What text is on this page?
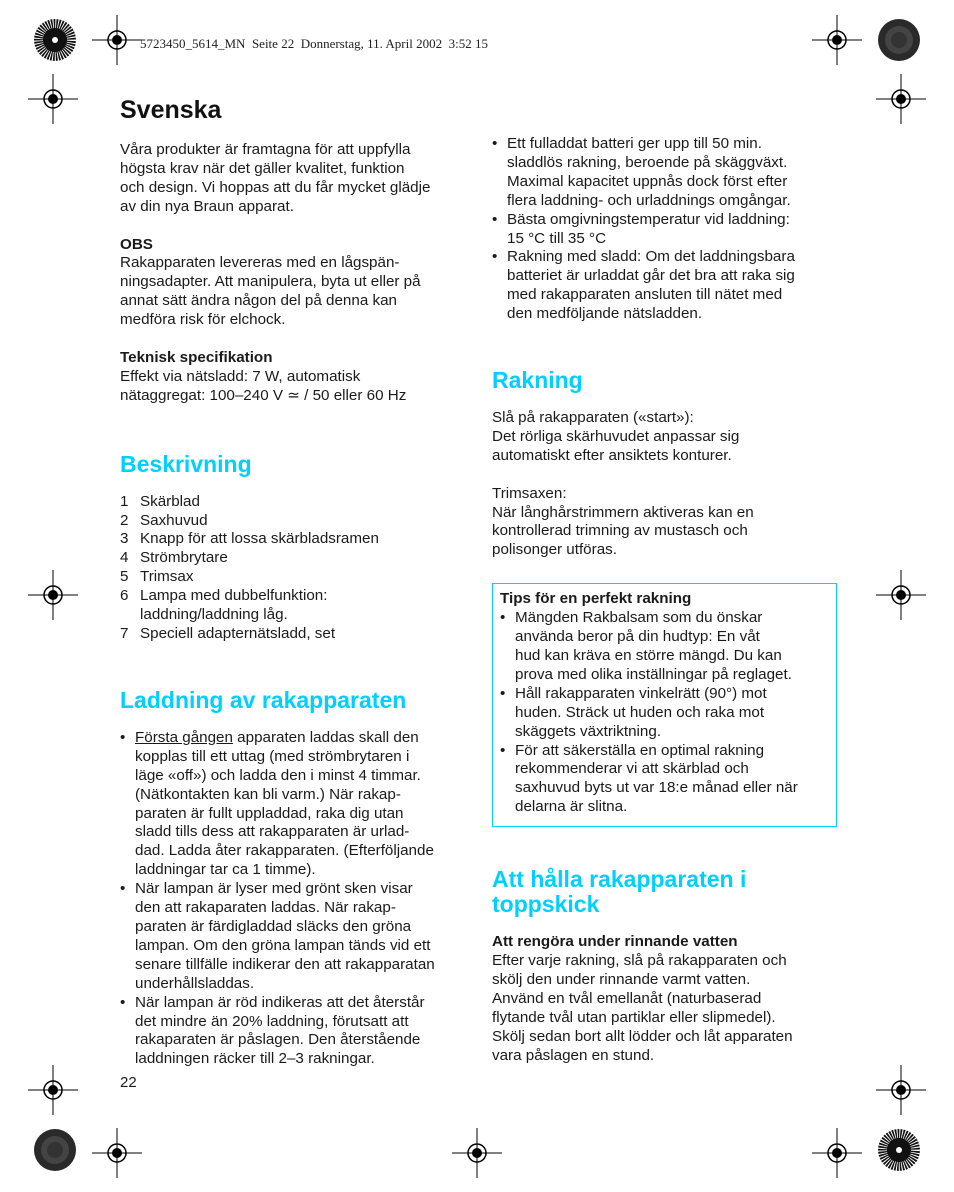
5723450_5614_MN  Seite 22  Donnerstag, 11. April 2002  3:52 15
Svenska
Våra produkter är framtagna för att uppfylla
högsta krav när det gäller kvalitet, funktion
och design. Vi hoppas att du får mycket glädje
av din nya Braun apparat.
OBS
Rakapparaten levereras med en lågspän-
ningsadapter. Att manipulera, byta ut eller på
annat sätt ändra någon del på denna kan
medföra risk för elchock.
Teknisk specifikation
Effekt via nätsladd: 7 W, automatisk
nätaggregat: 100–240 V ≃ / 50 eller 60 Hz
Beskrivning
1 Skärblad
2 Saxhuvud
3 Knapp för att lossa skärbladsramen
4 Strömbrytare
5 Trimsax
6 Lampa med dubbelfunktion:
laddning/laddning låg.
7 Speciell adapternätsladd, set
Laddning av rakapparaten
• Första gången apparaten laddas skall den
kopplas till ett uttag (med strömbrytaren i
läge «off») och ladda den i minst 4 timmar.
(Nätkontakten kan bli varm.) När rakap-
paraten är fullt uppladdad, raka dig utan
sladd tills dess att rakapparaten är urlad-
dad. Ladda åter rakapparaten. (Efterföljande
laddningar tar ca 1 timme).
• När lampan är lyser med grönt sken visar
den att rakaparaten laddas. När rakap-
paraten är färdigladdad släcks den gröna
lampan. Om den gröna lampan tänds vid ett
senare tillfälle indikerar den att rakapparatan
underhållsladdas.
• När lampan är röd indikeras att det återstår
det mindre än 20% laddning, förutsatt att
rakaparaten är påslagen. Den återstående
laddningen räcker till 2–3 rakningar.
• Ett fulladdat batteri ger upp till 50 min.
sladdlös rakning, beroende på skäggväxt.
Maximal kapacitet uppnås dock först efter
flera laddning- och urladdnings omgångar.
• Bästa omgivningstemperatur vid laddning:
15 °C till 35 °C
• Rakning med sladd: Om det laddningsbara
batteriet är urladdat går det bra att raka sig
med rakapparaten ansluten till nätet med
den medföljande nätsladden.
Rakning
Slå på rakapparaten («start»):
Det rörliga skärhuvudet anpassar sig
automatiskt efter ansiktets konturer.
Trimsaxen:
När långhårstrimmern aktiveras kan en
kontrollerad trimning av mustasch och
polisonger utföras.
Tips för en perfekt rakning
• Mängden Rakbalsam som du önskar
använda beror på din hudtyp: En våt
hud kan kräva en större mängd. Du kan
prova med olika inställningar på reglaget.
• Håll rakapparaten vinkelrätt (90°) mot
huden. Sträck ut huden och raka mot
skäggets växtriktning.
• För att säkerställa en optimal rakning
rekommenderar vi att skärblad och
saxhuvud byts ut var 18:e månad eller när
delarna är slitna.
Att hålla rakapparaten i
toppskick
Att rengöra under rinnande vatten
Efter varje rakning, slå på rakapparaten och
skölj den under rinnande varmt vatten.
Använd en tvål emellanåt (naturbaserad
flytande tvål utan partiklar eller slipmedel).
Skölj sedan bort allt lödder och låt apparaten
vara påslagen en stund.
22
